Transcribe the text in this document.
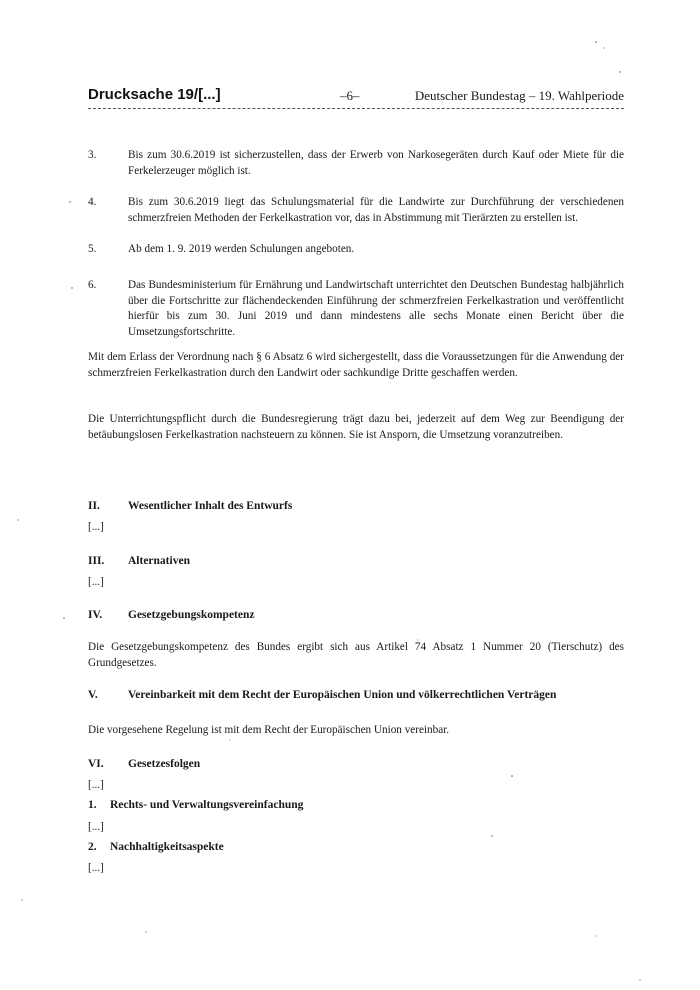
Drucksache 19/[...]	–6–	Deutscher Bundestag – 19. Wahlperiode
3.	Bis zum 30.6.2019 ist sicherzustellen, dass der Erwerb von Narkosegeräten durch Kauf oder Miete für die Ferkelerzeuger möglich ist.
4.	Bis zum 30.6.2019 liegt das Schulungsmaterial für die Landwirte zur Durchführung der verschiedenen schmerzfreien Methoden der Ferkelkastration vor, das in Abstimmung mit Tierärzten zu erstellen ist.
5.	Ab dem 1. 9. 2019 werden Schulungen angeboten.
6.	Das Bundesministerium für Ernährung und Landwirtschaft unterrichtet den Deutschen Bundestag halbjährlich über die Fortschritte zur flächendeckenden Einführung der schmerzfreien Ferkelkastration und veröffentlicht hierfür bis zum 30. Juni 2019 und dann mindestens alle sechs Monate einen Bericht über die Umsetzungsfortschritte.
Mit dem Erlass der Verordnung nach § 6 Absatz 6 wird sichergestellt, dass die Voraussetzungen für die Anwendung der schmerzfreien Ferkelkastration durch den Landwirt oder sachkundige Dritte geschaffen werden.
Die Unterrichtungspflicht durch die Bundesregierung trägt dazu bei, jederzeit auf dem Weg zur Beendigung der betäubungslosen Ferkelkastration nachsteuern zu können. Sie ist Ansporn, die Umsetzung voranzutreiben.
II. Wesentlicher Inhalt des Entwurfs
[...]
III. Alternativen
[...]
IV. Gesetzgebungskompetenz
Die Gesetzgebungskompetenz des Bundes ergibt sich aus Artikel 74 Absatz 1 Nummer 20 (Tierschutz) des Grundgesetzes.
V.	Vereinbarkeit mit dem Recht der Europäischen Union und völkerrechtlichen Verträgen
Die vorgesehene Regelung ist mit dem Recht der Europäischen Union vereinbar.
VI. Gesetzesfolgen
[...]
1. Rechts- und Verwaltungsvereinfachung
[...]
2. Nachhaltigkeitsaspekte
[...]
